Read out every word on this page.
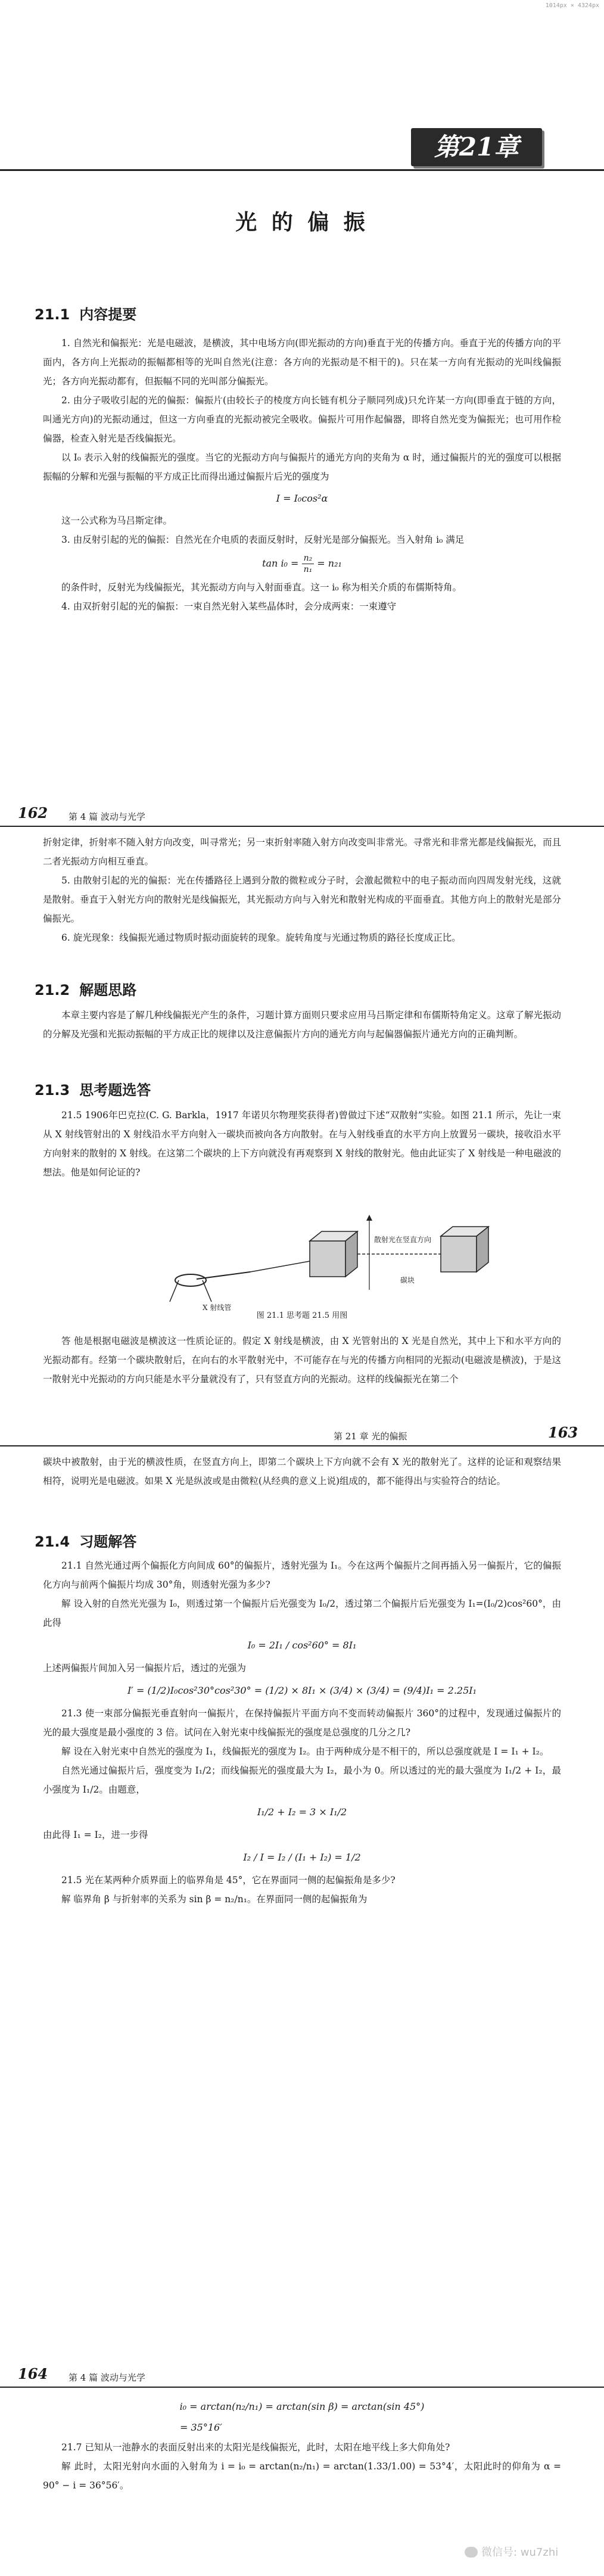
1014px × 4324px
第21章
光 的 偏 振
21.1 内容提要

1. 自然光和偏振光：光是电磁波，是横波，其中电场方向(即光振动的方向)垂直于光的传播方向。垂直于光的传播方向的平面内，各方向上光振动的振幅都相等的光叫自然光(注意：各方向的光振动是不相干的)。只在某一方向有光振动的光叫线偏振光；各方向光振动都有，但振幅不同的光叫部分偏振光。

2. 由分子吸收引起的光的偏振：偏振片(由较长子的棱度方向长链有机分子顺同列成)只允许某一方向(即垂直于链的方向，叫通光方向)的光振动通过，但这一方向垂直的光振动被完全吸收。偏振片可用作起偏器，即将自然光变为偏振光；也可用作检偏器，检查入射光是否线偏振光。

以 I₀ 表示入射的线偏振光的强度。当它的光振动方向与偏振片的通光方向的夹角为 α 时，通过偏振片的光的强度可以根据振幅的分解和光强与振幅的平方成正比而得出通过偏振片后光的强度为

I = I₀cos²α

这一公式称为马吕斯定律。

3. 由反射引起的光的偏振：自然光在介电质的表面反射时，反射光是部分偏振光。当入射角 i₀ 满足

$\tan i_0 = \frac{\text{n₂}}{\text{n₁}} = n_{21}$

的条件时，反射光为线偏振光，其光振动方向与入射面垂直。这一 i₀ 称为相关介质的布儒斯特角。

4. 由双折射引起的光的偏振：一束自然光射入某些晶体时，会分成两束：一束遵守

162 第 4 篇 波动与光学

折射定律，折射率不随入射方向改变，叫寻常光；另一束折射率随入射方向改变叫非常光。寻常光和非常光都是线偏振光，而且二者光振动方向相互垂直。

5. 由散射引起的光的偏振：光在传播路径上遇到分散的微粒或分子时，会激起微粒中的电子振动而向四周发射光线，这就是散射。垂直于入射光方向的散射光是线偏振光，其光振动方向与入射光和散射光构成的平面垂直。其他方向上的散射光是部分偏振光。

6. 旋光现象：线偏振光通过物质时振动面旋转的现象。旋转角度与光通过物质的路径长度成正比。

21.2 解题思路

本章主要内容是了解几种线偏振光产生的条件，习题计算方面则只要求应用马吕斯定律和布儒斯特角定义。这章了解光振动的分解及光强和光振动振幅的平方成正比的规律以及注意偏振片方向的通光方向与起偏器偏振片通光方向的正确判断。

21.3 思考题选答

21.5 1906年巴克拉(C. G. Barkla，1917 年诺贝尔物理奖获得者)曾做过下述“双散射”实验。如图 21.1 所示，先让一束从 X 射线管射出的 X 射线沿水平方向射入一碳块而被向各方向散射。在与入射线垂直的水平方向上放置另一碳块，接收沿水平方向射来的散射的 X 射线。在这第二个碳块的上下方向就没有再观察到 X 射线的散射光。他由此证实了 X 射线是一种电磁波的想法。他是如何论证的?

散射光在竖直方向
碳块
X 射线管
图 21.1 思考题 21.5 用图

答 他是根据电磁波是横波这一性质论证的。假定 X 射线是横波，由 X 光管射出的 X 光是自然光，其中上下和水平方向的光振动都有。经第一个碳块散射后，在向右的水平散射光中，不可能存在与光的传播方向相同的光振动(电磁波是横波)，于是这一散射光中光振动的方向只能是水平分量就没有了，只有竖直方向的光振动。这样的线偏振光在第二个

第 21 章 光的偏振	163

碳块中被散射，由于光的横波性质，在竖直方向上，即第二个碳块上下方向就不会有 X 光的散射光了。这样的论证和观察结果相符，说明光是电磁波。如果 X 光是纵波或是由微粒(从经典的意义上说)组成的，都不能得出与实验符合的结论。

21.4 习题解答

21.1 自然光通过两个偏振化方向间成 60°的偏振片，透射光强为 I₁。今在这两个偏振片之间再插入另一偏振片，它的偏振化方向与前两个偏振片均成 30°角，则透射光强为多少?

解 设入射的自然光光强为 I₀，则透过第一个偏振片后光强变为 I₀/2，透过第二个偏振片后光强变为 I₁=(I₀/2)cos²60°，由此得

I₀ = 2I₁ / cos²60° = 8I₁

上述两偏振片间加入另一偏振片后，透过的光强为

I′ = (1/2)I₀cos²30°cos²30° = (1/2) × 8I₁ × (3/4) × (3/4) = (9/4)I₁ = 2.25I₁

21.3 使一束部分偏振光垂直射向一偏振片，在保持偏振片平面方向不变而转动偏振片 360°的过程中，发现通过偏振片的光的最大强度是最小强度的 3 倍。试问在入射光束中线偏振光的强度是总强度的几分之几?

解 设在入射光束中自然光的强度为 I₁，线偏振光的强度为 I₂。由于两种成分是不相干的，所以总强度就是 I = I₁ + I₂。

自然光通过偏振片后，强度变为 I₁/2；而线偏振光的强度最大为 I₂，最小为 0。所以透过的光的最大强度为 I₁/2 + I₂，最小强度为 I₁/2。由题意，

I₁/2 + I₂ = 3 × I₁/2

由此得 I₁ = I₂，进一步得

I₂ / I = I₂ / (I₁ + I₂) = 1/2

21.5 光在某两种介质界面上的临界角是 45°，它在界面同一侧的起偏振角是多少?

解 临界角 β 与折射率的关系为 sin β = n₂/n₁。在界面同一侧的起偏振角为

164 第 4 篇 波动与光学
i₀ = arctan(n₂/n₁) = arctan(sin β) = arctan(sin 45°)
= 35°16′

21.7 已知从一池静水的表面反射出来的太阳光是线偏振光，此时，太阳在地平线上多大仰角处?

解 此时，太阳光射向水面的入射角为 i = i₀ = arctan(n₂/n₁) = arctan(1.33/1.00) = 53°4′，太阳此时的仰角为 α = 90° − i = 36°56′。

微信号: wu7zhi
